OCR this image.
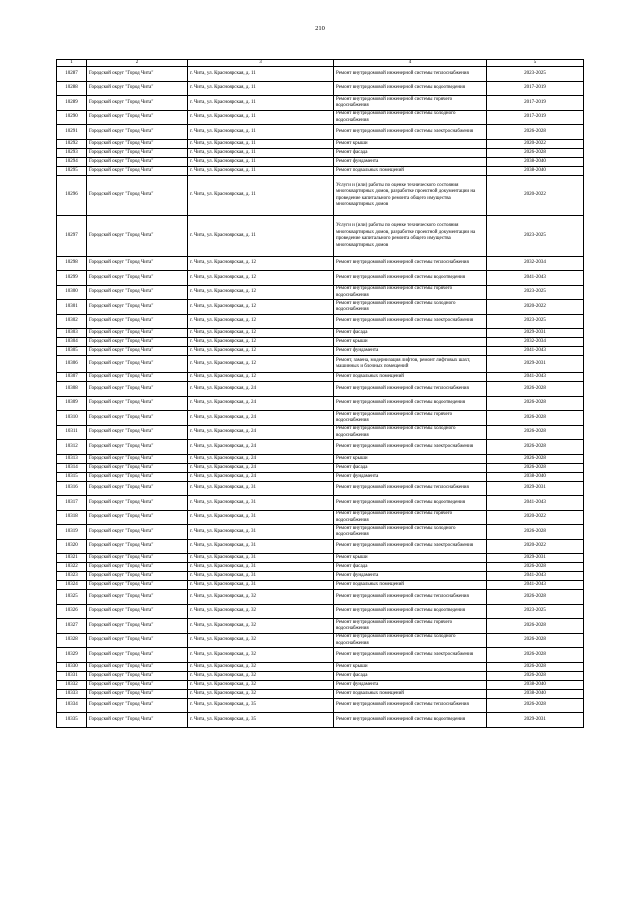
210
1	2	3	4	5
10287	Городской округ "Город Чита"	г. Чита, ул. Красноярская, д. 11	Ремонт внутридомовой инженерной системы теплоснабжения	2023-2025
10288	Городской округ "Город Чита"	г. Чита, ул. Красноярская, д. 11	Ремонт внутридомовой инженерной системы водоотведения	2017-2019
10289	Городской округ "Город Чита"	г. Чита, ул. Красноярская, д. 11	Ремонт внутридомовой инженерной системы горячего водоснабжения	2017-2019
10290	Городской округ "Город Чита"	г. Чита, ул. Красноярская, д. 11	Ремонт внутридомовой инженерной системы холодного водоснабжения	2017-2019
10291	Городской округ "Город Чита"	г. Чита, ул. Красноярская, д. 11	Ремонт внутридомовой инженерной системы электроснабжения	2026-2028
10292	Городской округ "Город Чита"	г. Чита, ул. Красноярская, д. 11	Ремонт крыши	2020-2022
10293	Городской округ "Город Чита"	г. Чита, ул. Красноярская, д. 11	Ремонт фасада	2026-2028
10294	Городской округ "Город Чита"	г. Чита, ул. Красноярская, д. 11	Ремонт фундамента	2038-2040
10295	Городской округ "Город Чита"	г. Чита, ул. Красноярская, д. 11	Ремонт подвальных помещений	2038-2040
10296	Городской округ "Город Чита"	г. Чита, ул. Красноярская, д. 11	Услуги и (или) работы по оценке технического состояния многоквартирных домов, разработке проектной документации на проведение капитального ремонта общего имущества многоквартирных домов	2020-2022
10297	Городской округ "Город Чита"	г. Чита, ул. Красноярская, д. 11	Услуги и (или) работы по оценке технического состояния многоквартирных домов, разработке проектной документации на проведение капитального ремонта общего имущества многоквартирных домов	2023-2025
10298	Городской округ "Город Чита"	г. Чита, ул. Красноярская, д. 12	Ремонт внутридомовой инженерной системы теплоснабжения	2032-2034
10299	Городской округ "Город Чита"	г. Чита, ул. Красноярская, д. 12	Ремонт внутридомовой инженерной системы водоотведения	2041-2043
10300	Городской округ "Город Чита"	г. Чита, ул. Красноярская, д. 12	Ремонт внутридомовой инженерной системы горячего водоснабжения	2023-2025
10301	Городской округ "Город Чита"	г. Чита, ул. Красноярская, д. 12	Ремонт внутридомовой инженерной системы холодного водоснабжения	2020-2022
10302	Городской округ "Город Чита"	г. Чита, ул. Красноярская, д. 12	Ремонт внутридомовой инженерной системы электроснабжения	2023-2025
10303	Городской округ "Город Чита"	г. Чита, ул. Красноярская, д. 12	Ремонт фасада	2029-2031
10304	Городской округ "Город Чита"	г. Чита, ул. Красноярская, д. 12	Ремонт крыши	2032-2034
10305	Городской округ "Город Чита"	г. Чита, ул. Красноярская, д. 12	Ремонт фундамента	2041-2043
10306	Городской округ "Город Чита"	г. Чита, ул. Красноярская, д. 12	Ремонт, замена, модернизация лифтов, ремонт лифтовых шахт, машинных и блочных помещений	2029-2031
10307	Городской округ "Город Чита"	г. Чита, ул. Красноярская, д. 12	Ремонт подвальных помещений	2041-2043
10308	Городской округ "Город Чита"	г. Чита, ул. Красноярская, д. 24	Ремонт внутридомовой инженерной системы теплоснабжения	2026-2028
10309	Городской округ "Город Чита"	г. Чита, ул. Красноярская, д. 24	Ремонт внутридомовой инженерной системы водоотведения	2026-2028
10310	Городской округ "Город Чита"	г. Чита, ул. Красноярская, д. 24	Ремонт внутридомовой инженерной системы горячего водоснабжения	2026-2028
10311	Городской округ "Город Чита"	г. Чита, ул. Красноярская, д. 24	Ремонт внутридомовой инженерной системы холодного водоснабжения	2026-2028
10312	Городской округ "Город Чита"	г. Чита, ул. Красноярская, д. 24	Ремонт внутридомовой инженерной системы электроснабжения	2026-2028
10313	Городской округ "Город Чита"	г. Чита, ул. Красноярская, д. 24	Ремонт крыши	2026-2028
10314	Городской округ "Город Чита"	г. Чита, ул. Красноярская, д. 24	Ремонт фасада	2026-2028
10315	Городской округ "Город Чита"	г. Чита, ул. Красноярская, д. 24	Ремонт фундамента	2038-2040
10316	Городской округ "Город Чита"	г. Чита, ул. Красноярская, д. 31	Ремонт внутридомовой инженерной системы теплоснабжения	2029-2031
10317	Городской округ "Город Чита"	г. Чита, ул. Красноярская, д. 31	Ремонт внутридомовой инженерной системы водоотведения	2041-2043
10318	Городской округ "Город Чита"	г. Чита, ул. Красноярская, д. 31	Ремонт внутридомовой инженерной системы горячего водоснабжения	2020-2022
10319	Городской округ "Город Чита"	г. Чита, ул. Красноярская, д. 31	Ремонт внутридомовой инженерной системы холодного водоснабжения	2026-2028
10320	Городской округ "Город Чита"	г. Чита, ул. Красноярская, д. 31	Ремонт внутридомовой инженерной системы электроснабжения	2020-2022
10321	Городской округ "Город Чита"	г. Чита, ул. Красноярская, д. 31	Ремонт крыши	2029-2031
10322	Городской округ "Город Чита"	г. Чита, ул. Красноярская, д. 31	Ремонт фасада	2026-2028
10323	Городской округ "Город Чита"	г. Чита, ул. Красноярская, д. 31	Ремонт фундамента	2041-2043
10324	Городской округ "Город Чита"	г. Чита, ул. Красноярская, д. 31	Ремонт подвальных помещений	2041-2043
10325	Городской округ "Город Чита"	г. Чита, ул. Красноярская, д. 32	Ремонт внутридомовой инженерной системы теплоснабжения	2026-2028
10326	Городской округ "Город Чита"	г. Чита, ул. Красноярская, д. 32	Ремонт внутридомовой инженерной системы водоотведения	2023-2025
10327	Городской округ "Город Чита"	г. Чита, ул. Красноярская, д. 32	Ремонт внутридомовой инженерной системы горячего водоснабжения	2026-2028
10328	Городской округ "Город Чита"	г. Чита, ул. Красноярская, д. 32	Ремонт внутридомовой инженерной системы холодного водоснабжения	2026-2028
10329	Городской округ "Город Чита"	г. Чита, ул. Красноярская, д. 32	Ремонт внутридомовой инженерной системы электроснабжения	2026-2028
10330	Городской округ "Город Чита"	г. Чита, ул. Красноярская, д. 32	Ремонт крыши	2026-2028
10331	Городской округ "Город Чита"	г. Чита, ул. Красноярская, д. 32	Ремонт фасада	2026-2028
10332	Городской округ "Город Чита"	г. Чита, ул. Красноярская, д. 32	Ремонт фундамента	2038-2040
10333	Городской округ "Город Чита"	г. Чита, ул. Красноярская, д. 32	Ремонт подвальных помещений	2038-2040
10334	Городской округ "Город Чита"	г. Чита, ул. Красноярская, д. 35	Ремонт внутридомовой инженерной системы теплоснабжения	2026-2028
10335	Городской округ "Город Чита"	г. Чита, ул. Красноярская, д. 35	Ремонт внутридомовой инженерной системы водоотведения	2029-2031
